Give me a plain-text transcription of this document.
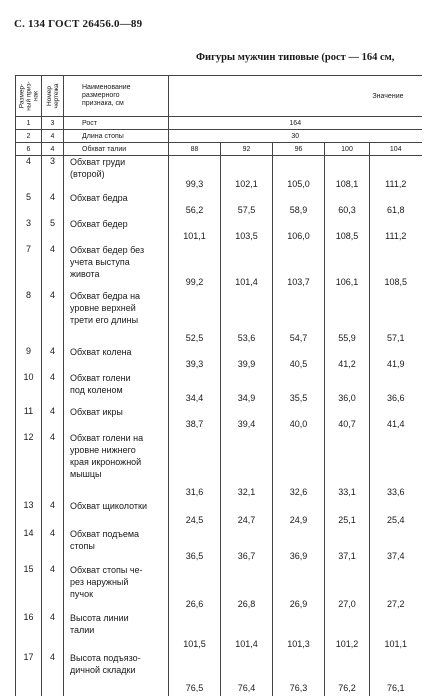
С. 134 ГОСТ 26456.0—89
Фигуры мужчин типовые (рост — 164 см,
Размер-
ный приз-
нак	Номер
чертежа	Наименование
размерного
признака, см	Значение				
1	3	Рост	164				
2	4	Длина стопы	30				
6	4	Обхват талии	88	92	96	100	104
4	3	Обхват груди
(второй)	99,3	102,1	105,0	108,1	111,2
5	4	Обхват бедра	56,2	57,5	58,9	60,3	61,8
3	5	Обхват бедер	101,1	103,5	106,0	108,5	111,2
7	4	Обхват бедер без
учета выступа
живота	99,2	101,4	103,7	106,1	108,5
8	4	Обхват бедра на
уровне верхней
трети его длины	52,5	53,6	54,7	55,9	57,1
9	4	Обхват колена	39,3	39,9	40,5	41,2	41,9
10	4	Обхват голени
под коленом	34,4	34,9	35,5	36,0	36,6
11	4	Обхват икры	38,7	39,4	40,0	40,7	41,4
12	4	Обхват голени на
уровне нижнего
края икроножной
мышцы	31,6	32,1	32,6	33,1	33,6
13	4	Обхват щиколотки	24,5	24,7	24,9	25,1	25,4
14	4	Обхват подъема
стопы	36,5	36,7	36,9	37,1	37,4
15	4	Обхват стопы че-
рез наружный
пучок	26,6	26,8	26,9	27,0	27,2
16	4	Высота линии
талии	101,5	101,4	101,3	101,2	101,1
17	4	Высота подъязо-
дичной складки	76,5	76,4	76,3	76,2	76,1
